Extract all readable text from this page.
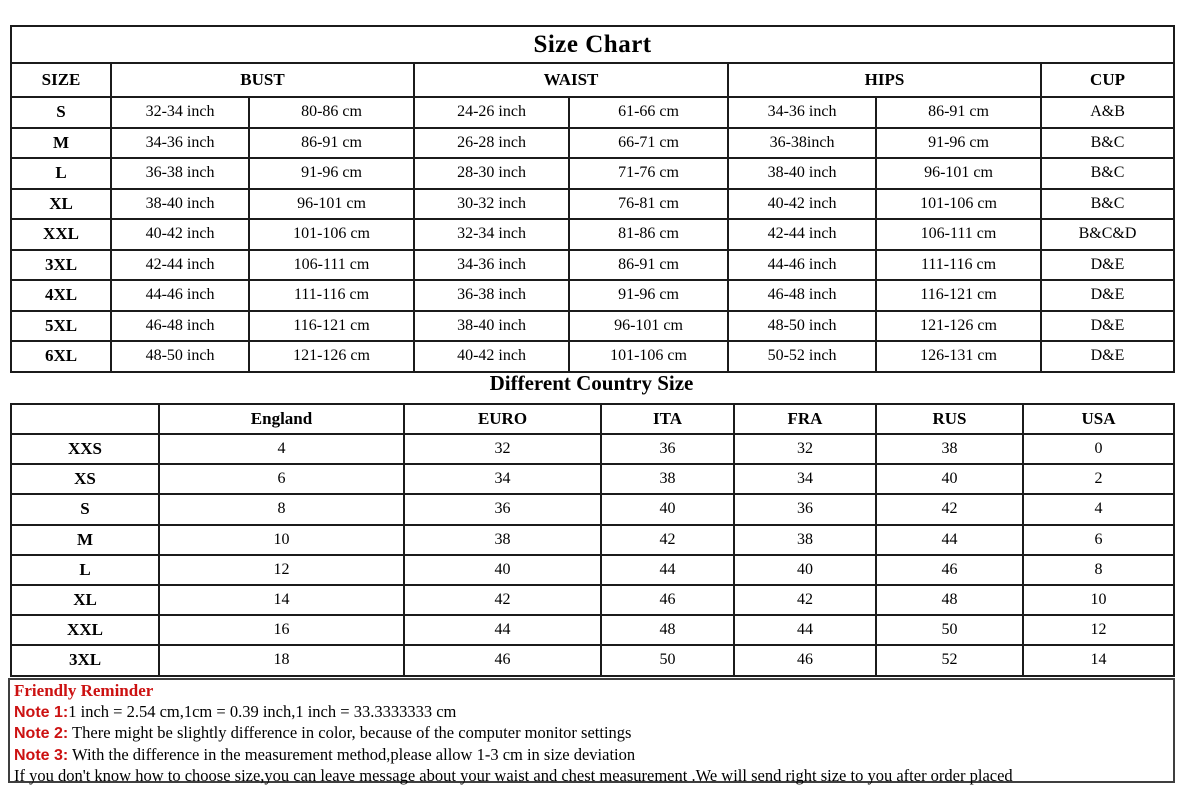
Size Chart							
SIZE	BUST		WAIST		HIPS		CUP
S	32-34 inch	80-86 cm	24-26 inch	61-66 cm	34-36 inch	86-91 cm	A&B
M	34-36 inch	86-91 cm	26-28 inch	66-71 cm	36-38inch	91-96 cm	B&C
L	36-38 inch	91-96 cm	28-30 inch	71-76 cm	38-40 inch	96-101 cm	B&C
XL	38-40 inch	96-101 cm	30-32 inch	76-81 cm	40-42 inch	101-106 cm	B&C
XXL	40-42 inch	101-106 cm	32-34 inch	81-86 cm	42-44 inch	106-111 cm	B&C&D
3XL	42-44 inch	106-111 cm	34-36 inch	86-91 cm	44-46 inch	111-116 cm	D&E
4XL	44-46 inch	111-116 cm	36-38 inch	91-96 cm	46-48 inch	116-121 cm	D&E
5XL	46-48 inch	116-121 cm	38-40 inch	96-101 cm	48-50 inch	121-126 cm	D&E
6XL	48-50 inch	121-126 cm	40-42 inch	101-106 cm	50-52 inch	126-131 cm	D&E
Different Country Size
	England	EURO	ITA	FRA	RUS	USA
XXS	4	32	36	32	38	0
XS	6	34	38	34	40	2
S	8	36	40	36	42	4
M	10	38	42	38	44	6
L	12	40	44	40	46	8
XL	14	42	46	42	48	10
XXL	16	44	48	44	50	12
3XL	18	46	50	46	52	14
Friendly Reminder
Note 1:1 inch = 2.54 cm,1cm = 0.39 inch,1 inch = 33.3333333 cm
Note 2: There might be slightly difference in color, because of the computer monitor settings
Note 3: With the difference in the measurement method,please allow 1-3 cm in size deviation
If you don't know how to choose size,you can leave message about your waist and chest measurement .We will send right size to you after order placed
